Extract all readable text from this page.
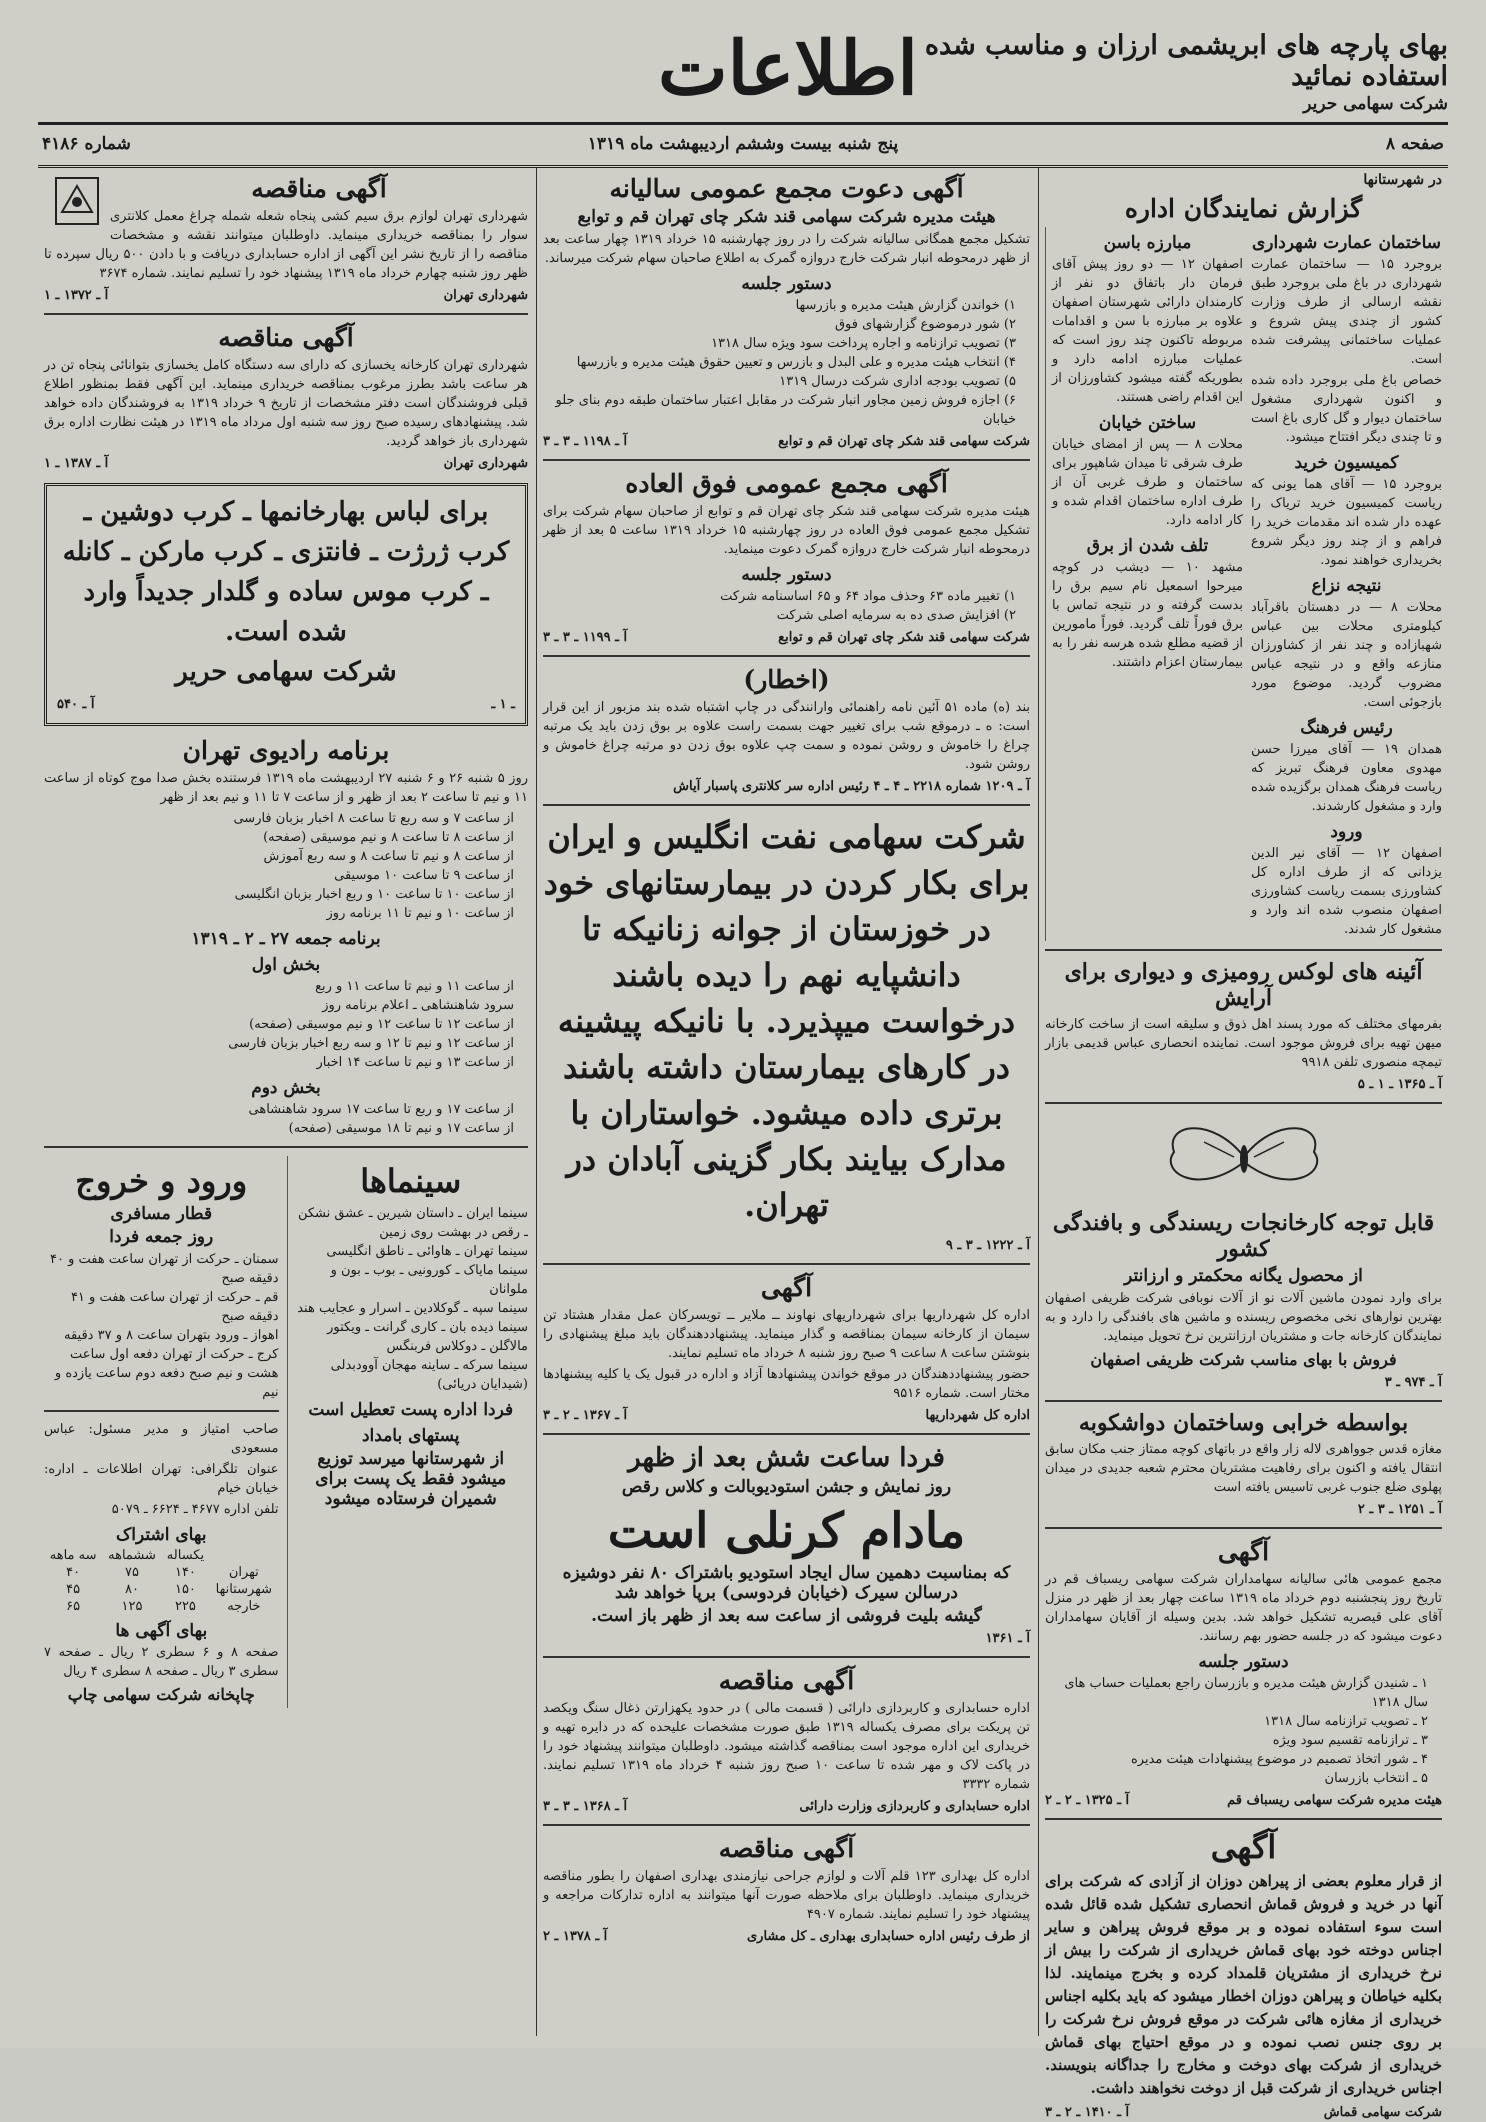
اطلاعات بهای پارچه های ابریشمی ارزان و مناسب شده استفاده نمائید
شرکت سهامی حریر
صفحه ۸
پنج شنبه بیست وششم اردیبهشت ماه ۱۳۱۹
شماره ۴۱۸۶
در شهرستانها
گزارش نمایندگان اداره
ساختمان عمارت شهرداری
بروجرد ۱۵ — ساختمان عمارت شهرداری در باغ ملی بروجرد طبق نقشه ارسالی از طرف وزارت کشور از چندی پیش شروع و عملیات ساختمانی پیشرفت شده است.
خصاص باغ ملی بروجرد داده شده و اکنون شهرداری مشغول ساختمان دیوار و گل کاری باغ است و تا چندی دیگر افتتاح میشود.
کمیسیون خرید
بروجرد ۱۵ — آقای هما یونی که ریاست کمیسیون خرید تریاک را عهده دار شده اند مقدمات خرید را فراهم و از چند روز دیگر شروع بخریداری خواهند نمود.
نتیجه نزاع
محلات ۸ — در دهستان باقرآباد کیلومتری محلات بین عباس شهبازاده و چند نفر از کشاورزان منازعه واقع و در نتیجه عباس مضروب گردید. موضوع مورد بازجوئی است.
رئیس فرهنگ
همدان ۱۹ — آقای میرزا حسن مهدوی معاون فرهنگ تبریز که ریاست فرهنگ همدان برگزیده شده وارد و مشغول کارشدند.
ورود
اصفهان ۱۲ — آقای نیر الدین یزدانی که از طرف اداره کل کشاورزی بسمت ریاست کشاورزی اصفهان منصوب شده اند وارد و مشغول کار شدند.
مبارزه باسن
اصفهان ۱۲ — دو روز پیش آقای فرمان دار باتفاق دو نفر از کارمندان دارائی شهرستان اصفهان علاوه بر مبارزه با سن و اقدامات مربوطه تاکنون چند روز است که عملیات مبارزه ادامه دارد و بطوریکه گفته میشود کشاورزان از این اقدام راضی هستند.
ساختن خیابان
محلات ۸ — پس از امضای خیابان طرف شرقی تا میدان شاهپور برای ساختمان و طرف غربی آن از طرف اداره ساختمان اقدام شده و کار ادامه دارد.
تلف شدن از برق
مشهد ۱۰ — دیشب در کوچه میرحوا اسمعیل نام سیم برق را بدست گرفته و در نتیجه تماس با برق فوراً تلف گردید. فوراً مامورین از قضیه مطلع شده هرسه نفر را به بیمارستان اعزام داشتند.
آئینه های لوکس رومیزی و دیواری برای آرایش
بفرمهای مختلف که مورد پسند اهل ذوق و سلیقه است از ساخت کارخانه میهن تهیه برای فروش موجود است. نماینده انحصاری عباس قدیمی بازار تیمچه منصوری تلفن ۹۹۱۸
آ ـ ۱۳۶۵ ـ ۱ ـ ۵
قابل توجه کارخانجات ریسندگی و بافندگی کشور
از محصول یگانه محکمتر و ارزانتر
برای وارد نمودن ماشین آلات نو از آلات نوبافی شرکت ظریفی اصفهان بهترین نوارهای نخی مخصوص ریسنده و ماشین های بافندگی را دارد و به نمایندگان کارخانه جات و مشتریان ارزانترین نرخ تحویل مینماید.
فروش با بهای مناسب شرکت ظریفی اصفهان
آ ـ ۹۷۴ ـ ۳
بواسطه خرابی وساختمان دواشکوبه
مغازه قدس جوواهری لاله زار واقع در باتهای کوچه ممتاز جنب مکان سابق انتقال یافته و اکنون برای رفاهیت مشتریان محترم شعبه جدیدی در میدان پهلوی ضلع جنوب غربی تاسیس یافته است
آ ـ ۱۲۵۱ ـ ۳ ـ ۲
آگهی
مجمع عمومی هائی ساليانه سهامداران شرکت سهامی ریسباف قم در تاریخ روز پنجشنبه دوم خرداد ماه ۱۳۱۹ ساعت چهار بعد از ظهر در منزل آقای علی قیصریه تشکیل خواهد شد. بدین وسیله از آقایان سهامداران دعوت میشود که در جلسه حضور بهم رسانند.
دستور جلسه
۱ ـ شنیدن گزارش هیئت مدیره و بازرسان راجع بعملیات حساب های سال ۱۳۱۸
۲ ـ تصویب ترازنامه سال ۱۳۱۸
۳ ـ ترازنامه تقسیم سود ویژه
۴ ـ شور اتخاذ تصمیم در موضوع پیشنهادات هیئت مدیره
۵ ـ انتخاب بازرسان
هیئت مدیره شرکت سهامی ریسباف قم
آ ـ ۱۳۲۵ ـ ۲ ـ ۲
آگهی
از قرار معلوم بعضی از پیراهن دوزان از آزادی که شرکت برای آنها در خرید و فروش قماش انحصاری تشکیل شده قائل شده است سوء استفاده نموده و بر موقع فروش پیراهن و سایر اجناس دوخته خود بهای قماش خریداری از شرکت را بیش از نرخ خریداری از مشتریان قلمداد کرده و بخرج مینمایند. لذا بکلیه خیاطان و پیراهن دوزان اخطار میشود که باید بکلیه اجناس خریداری از مغازه هائی شرکت در موقع فروش نرخ شرکت را بر روی جنس نصب نموده و در موقع احتیاج بهای قماش خریداری از شرکت بهای دوخت و مخارج را جداگانه بنویسند. اجناس خریداری از شرکت قبل از دوخت نخواهند داشت.
شرکت سهامی قماش
آ ـ ۱۴۱۰ ـ ۲ ـ ۳
آگهی دعوت مجمع عمومی سالیانه
هیئت مدیره شرکت سهامی قند شکر چای تهران قم و توابع
تشکیل مجمع همگانی سالیانه شرکت را در روز چهارشنبه ۱۵ خرداد ۱۳۱۹ چهار ساعت بعد از ظهر درمحوطه انبار شرکت خارج دروازه گمرک به اطلاع صاحبان سهام شرکت میرساند.
دستور جلسه
۱) خواندن گزارش هیئت مدیره و بازرسها
۲) شور درموضوع گزارشهای فوق
۳) تصویب ترازنامه و اجاره پرداخت سود ویژه سال ۱۳۱۸
۴) انتخاب هیئت مدیره و علی البدل و بازرس و تعیین حقوق هیئت مدیره و بازرسها
۵) تصویب بودجه اداری شرکت درسال ۱۳۱۹
۶) اجازه فروش زمین مجاور انبار شرکت در مقابل اعتبار ساختمان طبقه دوم بنای جلو خیابان
شرکت سهامی قند شکر چای تهران قم و توابع
آ ـ ۱۱۹۸ ـ ۳ ـ ۳
آگهی مجمع عمومی فوق العاده
هیئت مدیره شرکت سهامی قند شکر چای تهران قم و توابع از صاحبان سهام شرکت برای تشکیل مجمع عمومی فوق العاده در روز چهارشنبه ۱۵ خرداد ۱۳۱۹ ساعت ۵ بعد از ظهر درمحوطه انبار شرکت خارج دروازه گمرک دعوت مینماید.
دستور جلسه
۱) تغییر ماده ۶۳ وحذف مواد ۶۴ و ۶۵ اساسنامه شرکت
۲) افزایش صدی ده به سرمایه اصلی شرکت
شرکت سهامی قند شکر چای تهران قم و توابع
آ ـ ۱۱۹۹ ـ ۳ ـ ۳
(اخطار)
بند (ه) ماده ۵۱ آئین نامه راهنمائی وارانندگی در چاپ اشتباه شده بند مزبور از این قرار است: ه ـ درموقع شب برای تغییر جهت بسمت راست علاوه بر بوق زدن باید یک مرتبه چراغ را خاموش و روشن نموده و سمت چپ علاوه بوق زدن دو مرتبه چراغ خاموش و روشن شود.
آ ـ ۱۲۰۹ شماره ۲۲۱۸ ـ ۴ ـ ۴ رئیس اداره سر کلانتری پاسبار آیاش
شرکت سهامی نفت انگلیس و ایران برای بکار کردن در بیمارستانهای خود در خوزستان از جوانه زنانیکه تا دانشپایه نهم را دیده باشند درخواست میپذیرد. با نانیکه پیشینه در کارهای بیمارستان داشته باشند برتری داده میشود. خواستاران با مدارک بیایند بکار گزینی آبادان در تهران.
آ ـ ۱۲۲۲ ـ ۳ ـ ۹
آگهی
اداره کل شهرداریها برای شهرداریهای نهاوند ــ ملایر ــ تویسرکان عمل مقدار هشتاد تن سیمان از کارخانه سیمان بمناقصه و گذار مینماید. پیشنهاددهندگان باید مبلغ پیشنهادی را بنوشتن ساعت ۸ ساعت ۹ صبح روز شنبه ۸ خرداد ماه تسلیم نمایند.
حضور پیشنهاددهندگان در موقع خواندن پیشنهادها آزاد و اداره در قبول یک یا کلیه پیشنهادها مختار است. شماره ۹۵۱۶
اداره کل شهرداریها
آ ـ ۱۳۶۷ ـ ۲ ـ ۳
فردا ساعت شش بعد از ظهر
روز نمایش و جشن استودیوبالت و کلاس رقص
مادام کرنلی است
که بمناسبت دهمین سال ایجاد استودیو باشتراک ۸۰ نفر دوشیزه درسالن سیرک (خیابان فردوسی) برپا خواهد شد
گیشه بلیت فروشی از ساعت سه بعد از ظهر باز است.
آ ـ ۱۳۶۱
آگهی مناقصه
اداره حسابداری و کاربردازی دارائی ( قسمت مالی ) در حدود یکهزارتن ذغال سنگ ویکصد تن پریکت برای مصرف یکساله ۱۳۱۹ طبق صورت مشخصات علیحده که در دایره تهیه و خریداری این اداره موجود است بمناقصه گذاشته میشود. داوطلبان میتوانند پیشنهاد خود را در پاکت لاک و مهر شده تا ساعت ۱۰ صبح روز شنبه ۴ خرداد ماه ۱۳۱۹ تسلیم نمایند. شماره ۳۳۳۲
اداره حسابداری و کاربردازی وزارت دارائی
آ ـ ۱۳۶۸ ـ ۳ ـ ۳
آگهی مناقصه
اداره کل بهداری ۱۲۳ قلم آلات و لوازم جراحی نیازمندی بهداری اصفهان را بطور مناقصه خریداری مینماید. داوطلبان برای ملاحظه صورت آنها میتوانند به اداره تدارکات مراجعه و پیشنهاد خود را تسلیم نمایند. شماره ۴۹۰۷
از طرف رئیس اداره حسابداری بهداری ـ کل مشاری
آ ـ ۱۳۷۸ ـ ۲
آگهی مناقصه
شهرداری تهران لوازم برق سیم کشی پنجاه شعله شمله چراغ معمل کلانتری سوار را بمناقصه خریداری مینماید. داوطلبان میتوانند نقشه و مشخصات مناقصه را از تاریخ نشر این آگهی از اداره حسابداری دریافت و با دادن ۵۰۰ ریال سپرده تا ظهر روز شنبه چهارم خرداد ماه ۱۳۱۹ پیشنهاد خود را تسلیم نمایند. شماره ۳۶۷۴
شهرداری تهران
آ ـ ۱۳۷۲ ـ ۱
آگهی مناقصه
شهرداری تهران کارخانه یخسازی که دارای سه دستگاه کامل یخسازی بتوانائی پنجاه تن در هر ساعت باشد بطرز مرغوب بمناقصه خریداری مینماید. این آگهی فقط بمنظور اطلاع قبلی فروشندگان است دفتر مشخصات از تاریخ ۹ خرداد ۱۳۱۹ به فروشندگان داده خواهد شد. پیشنهادهای رسیده صبح روز سه شنبه اول مرداد ماه ۱۳۱۹ در هیئت نظارت اداره برق شهرداری باز خواهد گردید.
شهرداری تهران
آ ـ ۱۳۸۷ ـ ۱
برای لباس بهارخانمها ـ کرب دوشین ـ کرب ژرژت ـ فانتزی ـ کرب مارکن ـ کانله ـ کرب موس ساده و گلدار جدیداً وارد شده است.
شرکت سهامی حریر
ـ ۱ ـ
آ ـ ۵۴۰
برنامه رادیوی تهران
روز ۵ شنبه ۲۶ و ۶ شنبه ۲۷ اردیبهشت ماه ۱۳۱۹ فرستنده بخش صدا موج کوتاه از ساعت ۱۱ و نیم تا ساعت ۲ بعد از ظهر و از ساعت ۷ تا ۱۱ و نیم بعد از ظهر
از ساعت ۷ و سه ربع تا ساعت ۸ اخبار بزبان فارسی
از ساعت ۸ تا ساعت ۸ و نیم موسیقی (صفحه)
از ساعت ۸ و نیم تا ساعت ۸ و سه ربع آموزش
از ساعت ۹ تا ساعت ۱۰ موسیقی
از ساعت ۱۰ تا ساعت ۱۰ و ربع اخبار بزبان انگلیسی
از ساعت ۱۰ و نیم تا ۱۱ برنامه روز
برنامه جمعه ۲۷ ـ ۲ ـ ۱۳۱۹
بخش اول
از ساعت ۱۱ و نیم تا ساعت ۱۱ و ربع
سرود شاهنشاهی ـ اعلام برنامه روز
از ساعت ۱۲ تا ساعت ۱۲ و نیم موسیقی (صفحه)
از ساعت ۱۲ و نیم تا ۱۲ و سه ربع اخبار بزبان فارسی
از ساعت ۱۳ و نیم تا ساعت ۱۴ اخبار
بخش دوم
از ساعت ۱۷ و ربع تا ساعت ۱۷ سرود شاهنشاهی
از ساعت ۱۷ و نیم تا ۱۸ موسیقی (صفحه)
سینماها
سینما ایران ـ داستان شیرین ـ عشق نشکن ـ رقص در بهشت روی زمین
سینما تهران ـ هاوائی ـ ناطق انگلیسی
سینما مایاک ـ کورونیی ـ بوب ـ بون و ملوانان
سینما سپه ـ گوکلادین ـ اسرار و عجایب هند
سینما دیده بان ـ کاری گرانت ـ ویکتور مالاگلن ـ دوکلاس فربنگس
سینما سرکه ـ ساینه مهجان آوودبدلی (شیدایان دریائی)
فردا اداره پست تعطیل است
پستهای بامداد
از شهرستانها میرسد توزیع میشود فقط یک پست برای شمیران فرستاده میشود
ورود و خروج
قطار مسافری
روز جمعه فردا
سمنان ـ حرکت از تهران ساعت هفت و ۴۰ دقیقه صبح
قم ـ حرکت از تهران ساعت هفت و ۴۱ دقیقه صبح
اهواز ـ ورود بتهران ساعت ۸ و ۳۷ دقیقه
کرج ـ حرکت از تهران دفعه اول ساعت هشت و نیم صبح دفعه دوم ساعت یازده و نیم
صاحب امتیاز و مدیر مسئول: عباس مسعودی
عنوان تلگرافی: تهران اطلاعات ـ اداره: خیابان خیام
تلفن اداره ۴۶۷۷ ـ ۶۶۲۴ ـ ۵۰۷۹
بهای اشتراک
	یکساله	ششماهه	سه ماهه
تهران	۱۴۰	۷۵	۴۰
شهرستانها	۱۵۰	۸۰	۴۵
خارجه	۲۲۵	۱۲۵	۶۵
بهای آگهی ها
صفحه ۸ و ۶ سطری ۲ ریال ـ صفحه ۷ سطری ۳ ریال ـ صفحه ۸ سطری ۴ ریال
چاپخانه شرکت سهامی چاپ
